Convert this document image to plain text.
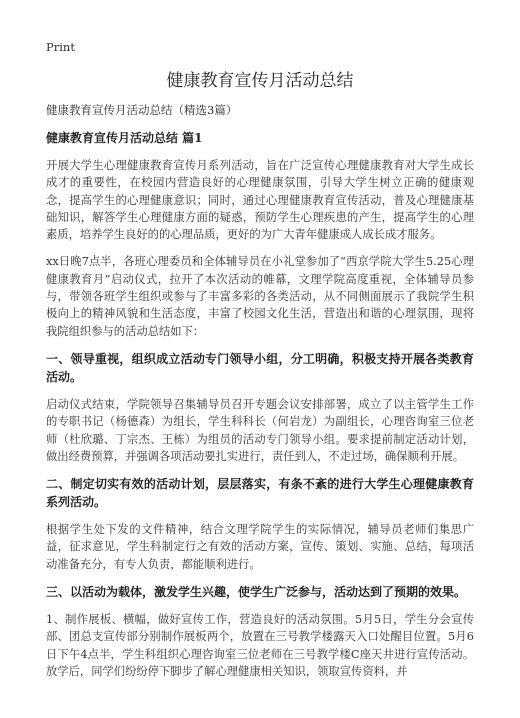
Print
健康教育宣传月活动总结

健康教育宣传月活动总结（精选3篇）

健康教育宣传月活动总结 篇1

开展大学生心理健康教育宣传月系列活动，旨在广泛宣传心理健康教育对大学生成长成才的重要性，在校园内营造良好的心理健康氛围，引导大学生树立正确的健康观念，提高学生的心理健康意识；同时，通过心理健康教育宣传活动，普及心理健康基础知识，解答学生心理健康方面的疑惑，预防学生心理疾患的产生，提高学生的心理素质，培养学生良好的的心理品质，更好的为广大青年健康成人成长成才服务。

xx日晚7点半，各班心理委员和全体辅导员在小礼堂参加了“西京学院大学生5.25心理健康教育月”启动仪式，拉开了本次活动的帷幕，文理学院高度重视，全体辅导员参与，带领各班学生组织或参与了丰富多彩的各类活动，从不同侧面展示了我院学生积极向上的精神风貌和生活态度，丰富了校园文化生活，营造出和谐的心理氛围，现将我院组织参与的活动总结如下：

一、领导重视，组织成立活动专门领导小组，分工明确，积极支持开展各类教育活动。

启动仪式结束，学院领导召集辅导员召开专题会议安排部署，成立了以主管学生工作的专职书记（杨德森）为组长，学生科科长（何岩龙）为副组长，心理咨询室三位老师（杜欣璐、丁宗杰、王栋）为组员的活动专门领导小组。要求提前制定活动计划，做出经费预算，并强调各项活动要扎实进行，责任到人，不走过场，确保顺利开展。

二、制定切实有效的活动计划，层层落实，有条不紊的进行大学生心理健康教育系列活动。

根据学生处下发的文件精神，结合文理学院学生的实际情况，辅导员老师们集思广益，征求意见，学生科制定行之有效的活动方案，宣传、策划、实施、总结，每项活动准备充分，有专人负责，都能顺利进行。

三、以活动为载体，激发学生兴趣，使学生广泛参与，活动达到了预期的效果。

1、制作展板、横幅，做好宣传工作，营造良好的活动氛围。5月5日，学生分会宣传部、团总支宣传部分别制作展板两个，放置在三号教学楼露天入口处醒目位置。5月6日下午4点半，学生科组织心理咨询室三位老师在三号教学楼C座天井进行宣传活动。放学后，同学们纷纷停下脚步了解心理健康相关知识，领取宣传资料，并
